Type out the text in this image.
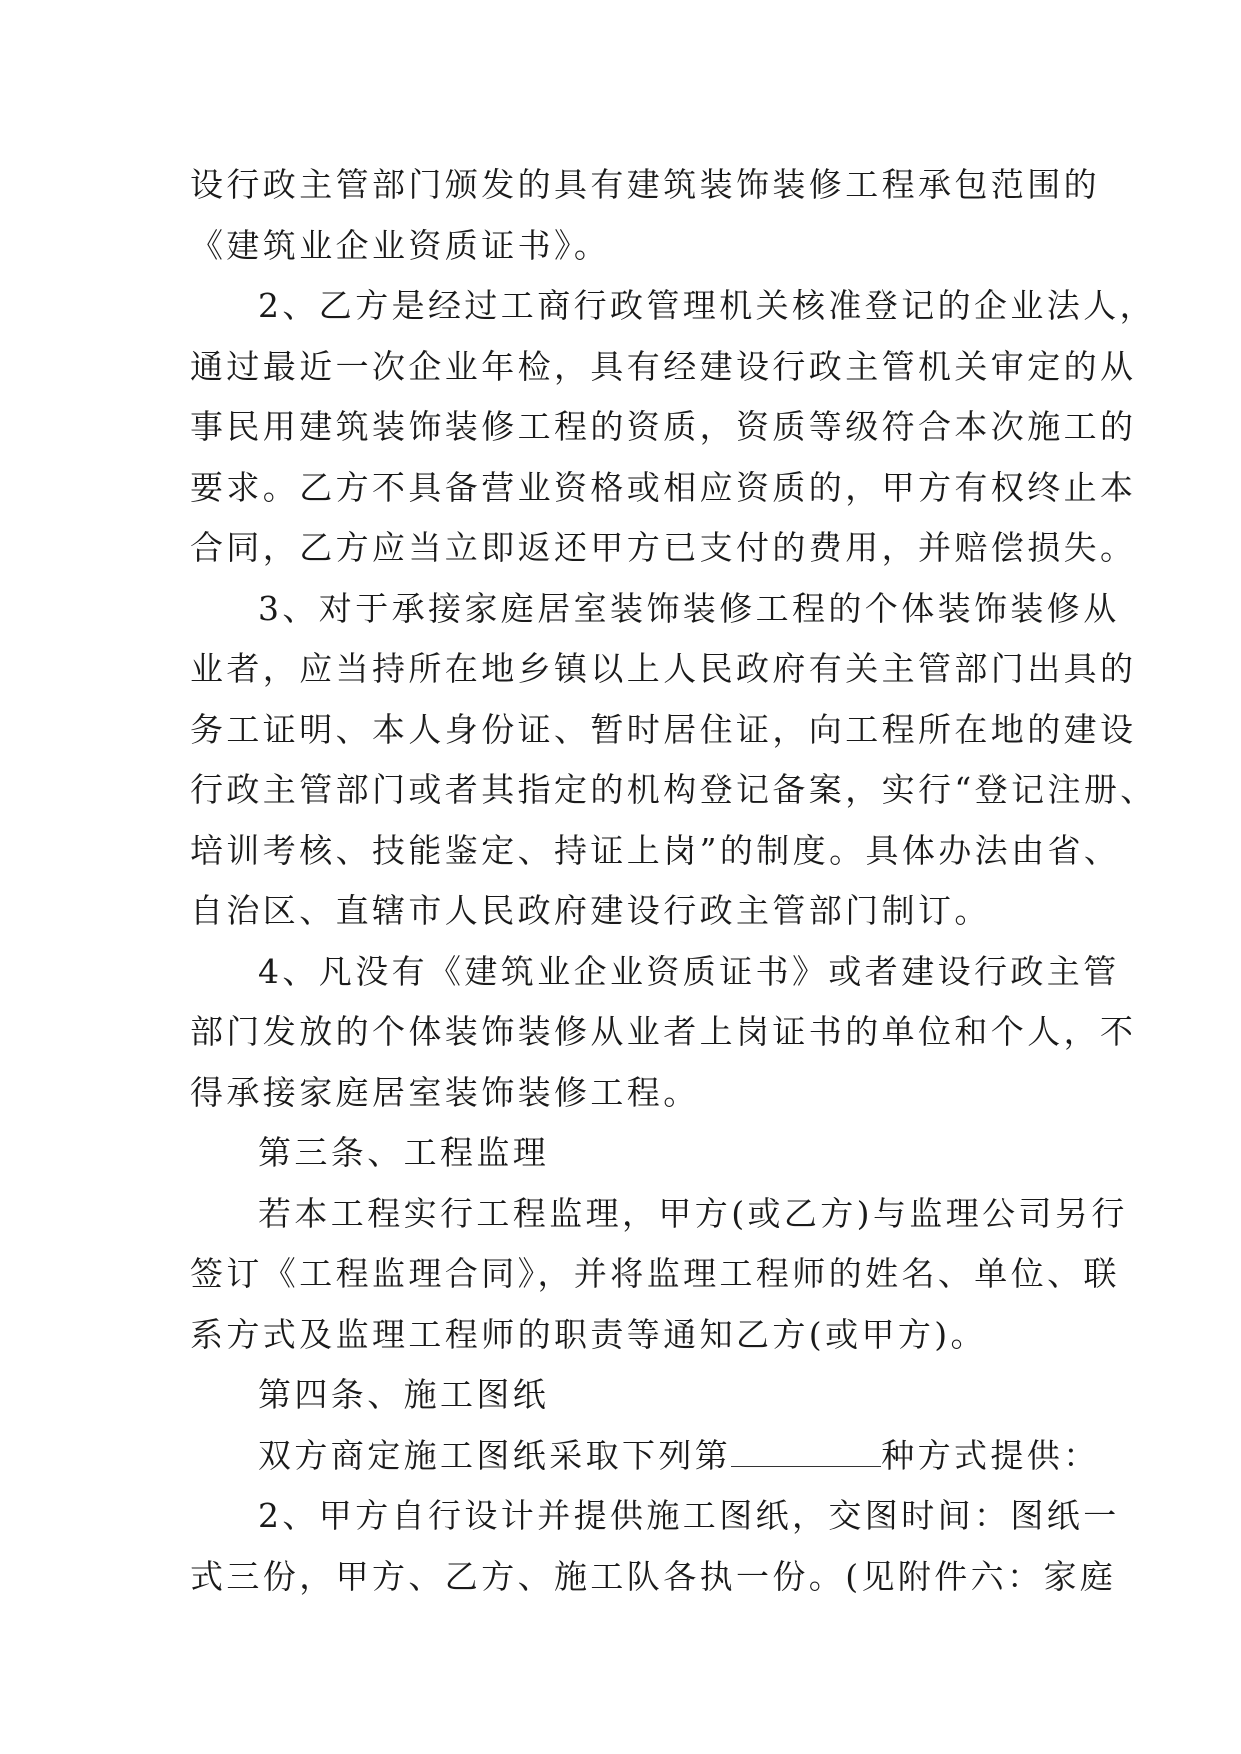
设行政主管部门颁发的具有建筑装饰装修工程承包范围的
《建筑业企业资质证书》。
2、乙方是经过工商行政管理机关核准登记的企业法人，
通过最近一次企业年检，具有经建设行政主管机关审定的从
事民用建筑装饰装修工程的资质，资质等级符合本次施工的
要求。乙方不具备营业资格或相应资质的，甲方有权终止本
合同，乙方应当立即返还甲方已支付的费用，并赔偿损失。
3、对于承接家庭居室装饰装修工程的个体装饰装修从
业者，应当持所在地乡镇以上人民政府有关主管部门出具的
务工证明、本人身份证、暂时居住证，向工程所在地的建设
行政主管部门或者其指定的机构登记备案，实行“登记注册、
培训考核、技能鉴定、持证上岗”的制度。具体办法由省、
自治区、直辖市人民政府建设行政主管部门制订。
4、凡没有《建筑业企业资质证书》或者建设行政主管
部门发放的个体装饰装修从业者上岗证书的单位和个人，不
得承接家庭居室装饰装修工程。
第三条、工程监理
若本工程实行工程监理，甲方(或乙方)与监理公司另行
签订《工程监理合同》，并将监理工程师的姓名、单位、联
系方式及监理工程师的职责等通知乙方(或甲方)。
第四条、施工图纸
双方商定施工图纸采取下列第	种方式提供：
2、甲方自行设计并提供施工图纸，交图时间：图纸一
式三份，甲方、乙方、施工队各执一份。(见附件六：家庭
